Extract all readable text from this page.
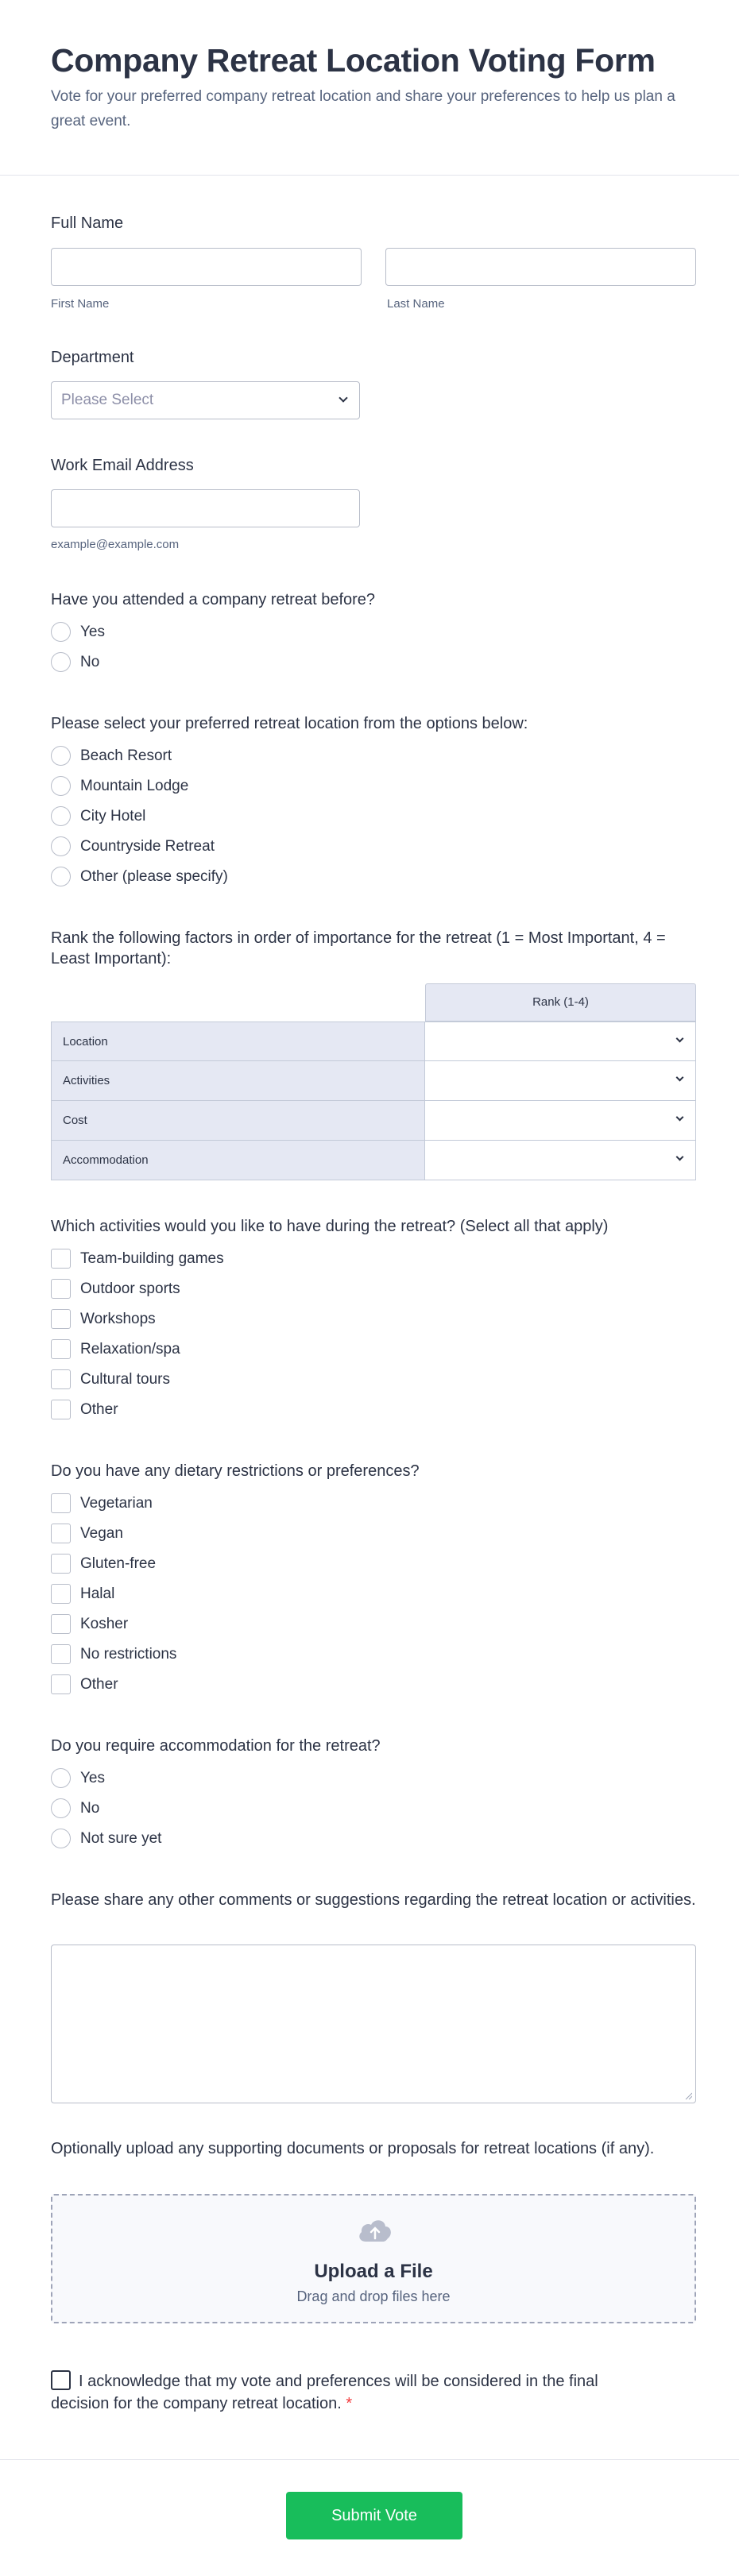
Company Retreat Location Voting Form

Vote for your preferred company retreat location and share your preferences to help us plan a great event.

Full Name
First Name	Last Name
Department
Please Select
Work Email Address
example@example.com
Have you attended a company retreat before?
Yes
No
Please select your preferred retreat location from the options below:
Beach Resort
Mountain Lodge
City Hotel
Countryside Retreat
Other (please specify)
Rank the following factors in order of importance for the retreat (1 = Most Important, 4 = Least Important):
Rank (1-4)
Location
Activities
Cost
Accommodation
Which activities would you like to have during the retreat? (Select all that apply)
Team-building games
Outdoor sports
Workshops
Relaxation/spa
Cultural tours
Other
Do you have any dietary restrictions or preferences?
Vegetarian
Vegan
Gluten-free
Halal
Kosher
No restrictions
Other
Do you require accommodation for the retreat?
Yes
No
Not sure yet
Please share any other comments or suggestions regarding the retreat location or activities.
Optionally upload any supporting documents or proposals for retreat locations (if any).
Upload a File
Drag and drop files here
I acknowledge that my vote and preferences will be considered in the final decision for the company retreat location. *
Submit Vote
